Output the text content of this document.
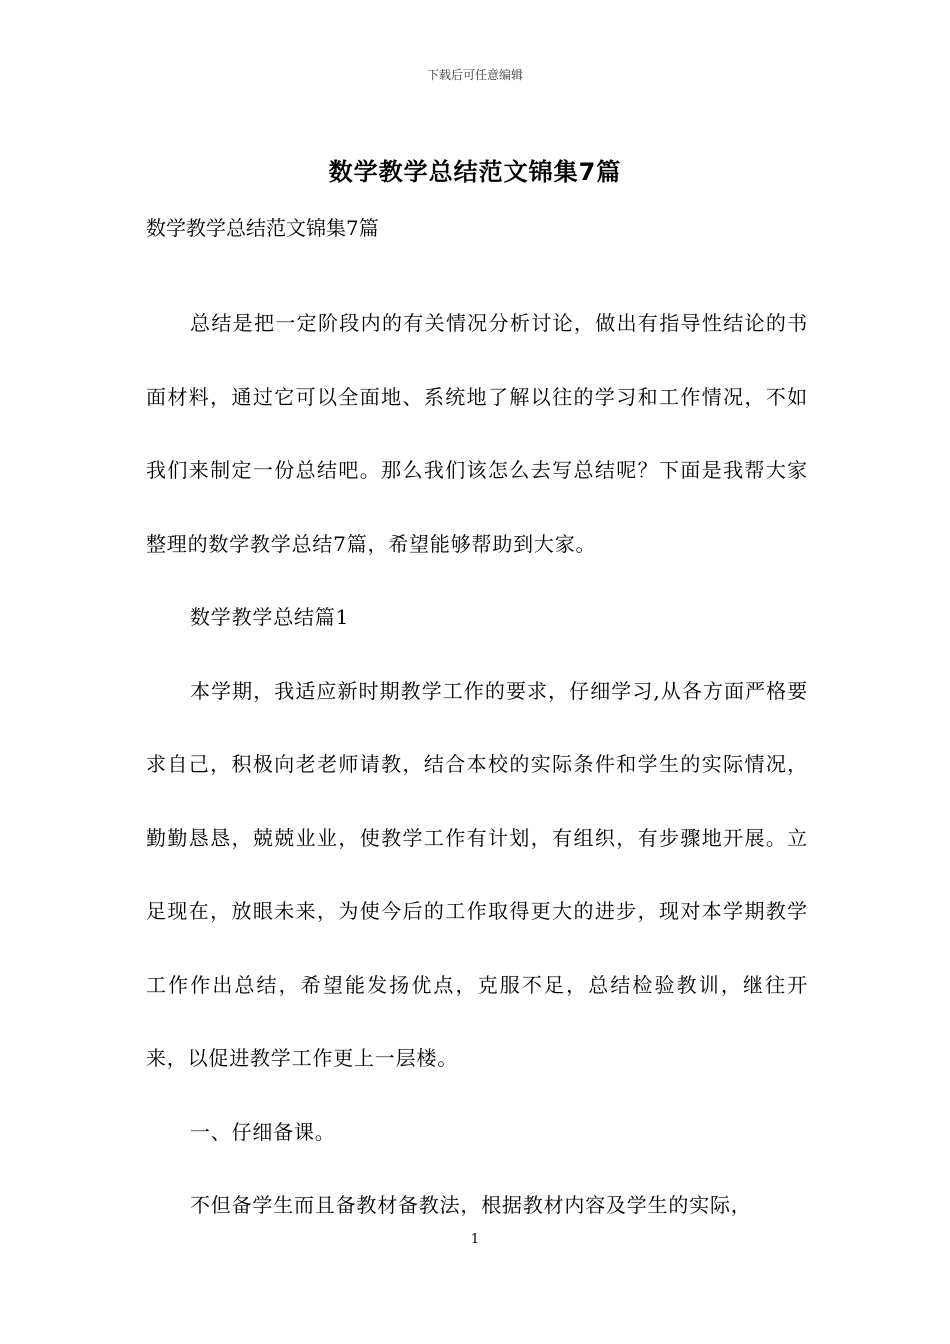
下载后可任意编辑
数学教学总结范文锦集7篇
数学教学总结范文锦集7篇

总结是把一定阶段内的有关情况分析讨论，做出有指导性结论的书面材料，通过它可以全面地、系统地了解以往的学习和工作情况，不如我们来制定一份总结吧。那么我们该怎么去写总结呢？下面是我帮大家整理的数学教学总结7篇，希望能够帮助到大家。

数学教学总结篇1

本学期，我适应新时期教学工作的要求，仔细学习,从各方面严格要求自己，积极向老老师请教，结合本校的实际条件和学生的实际情况，勤勤恳恳，兢兢业业，使教学工作有计划，有组织，有步骤地开展。立足现在，放眼未来，为使今后的工作取得更大的进步，现对本学期教学工作作出总结，希望能发扬优点，克服不足，总结检验教训，继往开来，以促进教学工作更上一层楼。

一、仔细备课。

不但备学生而且备教材备教法，根据教材内容及学生的实际，

1
